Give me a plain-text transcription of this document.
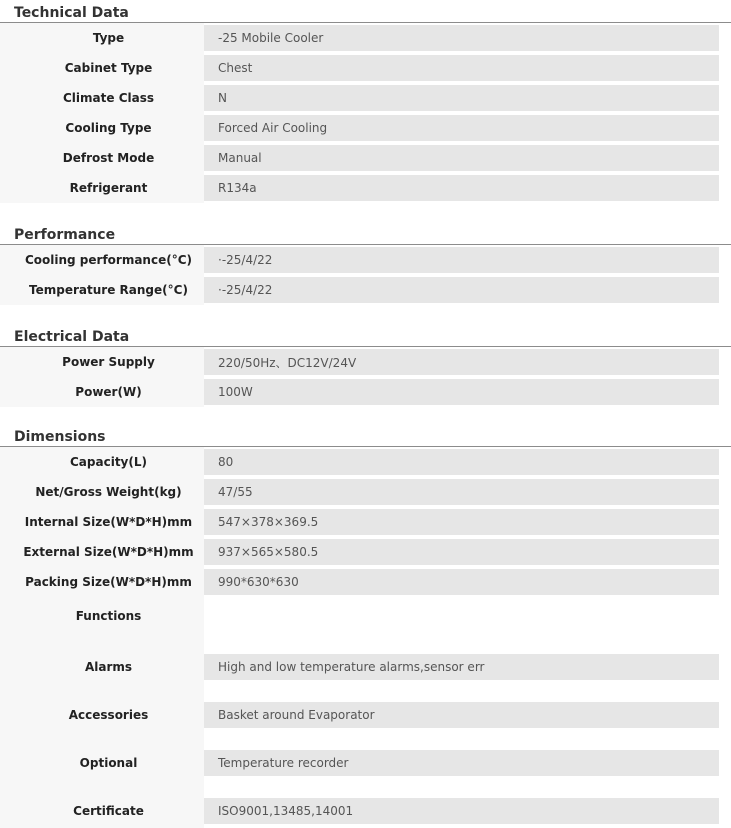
Technical Data
Type	-25 Mobile Cooler
Cabinet Type	Chest
Climate Class	N
Cooling Type	Forced Air Cooling
Defrost Mode	Manual
Refrigerant	R134a
Performance
Cooling performance(°C)	·-25/4/22
Temperature Range(°C)	·-25/4/22
Electrical Data
Power Supply	220/50Hz、DC12V/24V
Power(W)	100W
Dimensions
Capacity(L)	80
Net/Gross Weight(kg)	47/55
Internal Size(W*D*H)mm	547×378×369.5
External Size(W*D*H)mm	937×565×580.5
Packing Size(W*D*H)mm	990*630*630
Functions
Alarms	High and low temperature alarms,sensor err
Accessories	Basket around Evaporator
Optional	Temperature recorder
Certificate	ISO9001,13485,14001
